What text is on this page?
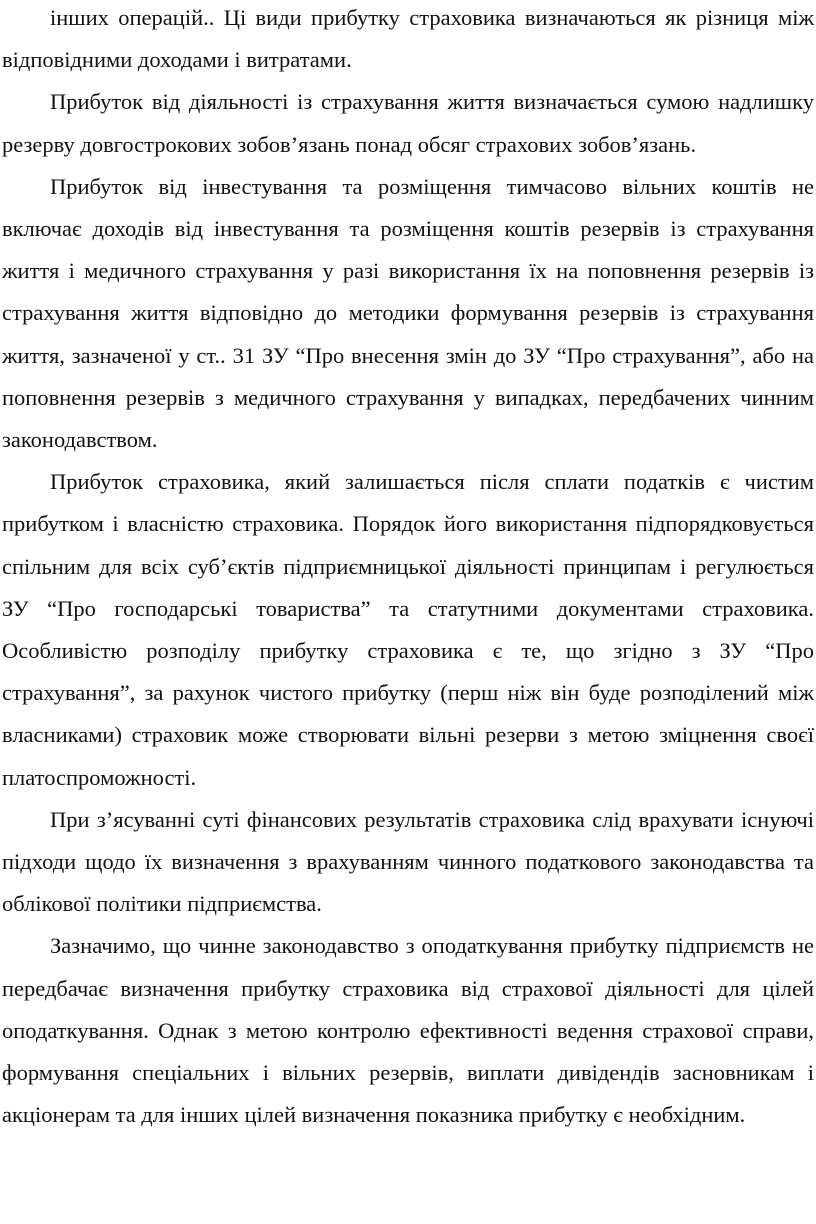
інших операцій.. Ці види прибутку страховика визначаються як різниця між відповідними доходами і витратами.

Прибуток від діяльності із страхування життя визначається сумою надлишку резерву довгострокових зобов’язань понад обсяг страхових зобов’язань.

Прибуток від інвестування та розміщення тимчасово вільних коштів не включає доходів від інвестування та розміщення коштів резервів із страхування життя і медичного страхування у разі використання їх на поповнення резервів із страхування життя відповідно до методики формування резервів із страхування життя, зазначеної у ст.. 31 ЗУ “Про внесення змін до ЗУ “Про страхування”, або на поповнення резервів з медичного страхування у випадках, передбачених чинним законодавством.

Прибуток страховика, який залишається після сплати податків є чистим прибутком і власністю страховика. Порядок його використання підпорядковується спільним для всіх суб’єктів підприємницької діяльності принципам і регулюється ЗУ “Про господарські товариства” та статутними документами страховика. Особливістю розподілу прибутку страховика є те, що згідно з ЗУ “Про страхування”, за рахунок чистого прибутку (перш ніж він буде розподілений між власниками) страховик може створювати вільні резерви з метою зміцнення своєї платоспроможності.

При з’ясуванні суті фінансових результатів страховика слід врахувати існуючі підходи щодо їх визначення з врахуванням чинного податкового законодавства та облікової політики підприємства.

Зазначимо, що чинне законодавство з оподаткування прибутку підприємств не передбачає визначення прибутку страховика від страхової діяльності для цілей оподаткування. Однак з метою контролю ефективності ведення страхової справи, формування спеціальних і вільних резервів, виплати дивідендів засновникам і акціонерам та для інших цілей визначення показника прибутку є необхідним.
